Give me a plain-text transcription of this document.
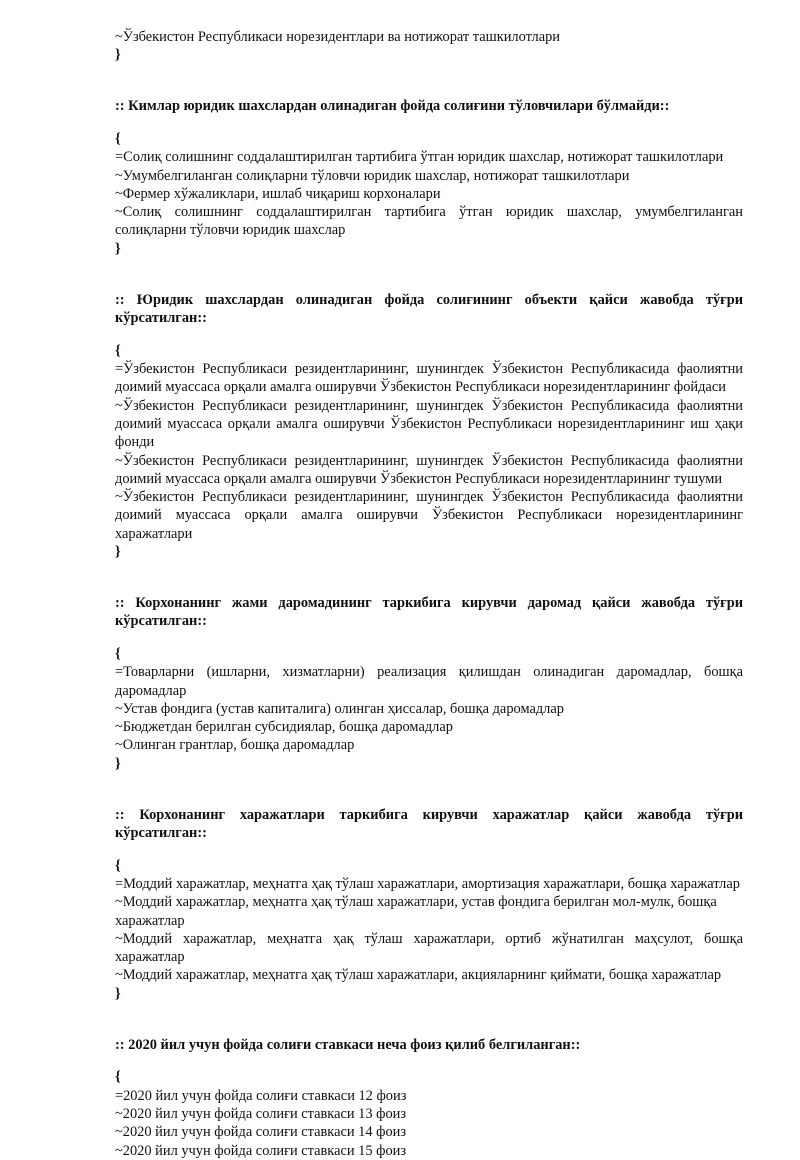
~Ўзбекистон Республикаси норезидентлари ва нотижорат ташкилотлари

}

:: Кимлар юридик шахслардан олинадиган фойда солиғини тўловчилари бўлмайди::

{

=Солиқ солишнинг соддалаштирилган тартибига ўтган юридик шахслар, нотижорат ташкилотлари

~Умумбелгиланган солиқларни тўловчи юридик шахслар, нотижорат ташкилотлари

~Фермер хўжаликлари, ишлаб чиқариш корхоналари

~Солиқ солишнинг соддалаштирилган тартибига ўтган юридик шахслар, умумбелгиланган солиқларни тўловчи юридик шахслар

}

:: Юридик шахслардан олинадиган фойда солиғининг объекти қайси жавобда тўғри кўрсатилган::

{

=Ўзбекистон Республикаси резидентларининг, шунингдек Ўзбекистон Республикасида фаолиятни доимий муассаса орқали амалга оширувчи Ўзбекистон Республикаси норезидентларининг фойдаси

~Ўзбекистон Республикаси резидентларининг, шунингдек Ўзбекистон Республикасида фаолиятни доимий муассаса орқали амалга оширувчи Ўзбекистон Республикаси норезидентларининг иш ҳақи фонди

~Ўзбекистон Республикаси резидентларининг, шунингдек Ўзбекистон Республикасида фаолиятни доимий муассаса орқали амалга оширувчи Ўзбекистон Республикаси норезидентларининг тушуми

~Ўзбекистон Республикаси резидентларининг, шунингдек Ўзбекистон Республикасида фаолиятни доимий муассаса орқали амалга оширувчи Ўзбекистон Республикаси норезидентларининг харажатлари

}

:: Корхонанинг жами даромадининг таркибига кирувчи даромад қайси жавобда тўғри кўрсатилган::

{

=Товарларни (ишларни, хизматларни) реализация қилишдан олинадиган даромадлар, бошқа даромадлар

~Устав фондига (устав капиталига) олинган ҳиссалар, бошқа даромадлар

~Бюджетдан берилган субсидиялар, бошқа даромадлар

~Олинган грантлар, бошқа даромадлар

}

:: Корхонанинг харажатлари таркибига кирувчи харажатлар қайси жавобда тўғри кўрсатилган::

{

=Моддий харажатлар, меҳнатга ҳақ тўлаш харажатлари, амортизация харажатлари, бошқа харажатлар

~Моддий харажатлар, меҳнатга ҳақ тўлаш харажатлари, устав фондига берилган мол-мулк, бошқа харажатлар

~Моддий харажатлар, меҳнатга ҳақ тўлаш харажатлари, ортиб жўнатилган маҳсулот, бошқа харажатлар

~Моддий харажатлар, меҳнатга ҳақ тўлаш харажатлари, акцияларнинг қиймати, бошқа харажатлар

}

:: 2020 йил учун фойда солиғи ставкаси неча фоиз қилиб белгиланган::

{

=2020 йил учун фойда солиғи ставкаси 12 фоиз

~2020 йил учун фойда солиғи ставкаси 13 фоиз

~2020 йил учун фойда солиғи ставкаси 14 фоиз

~2020 йил учун фойда солиғи ставкаси 15 фоиз
